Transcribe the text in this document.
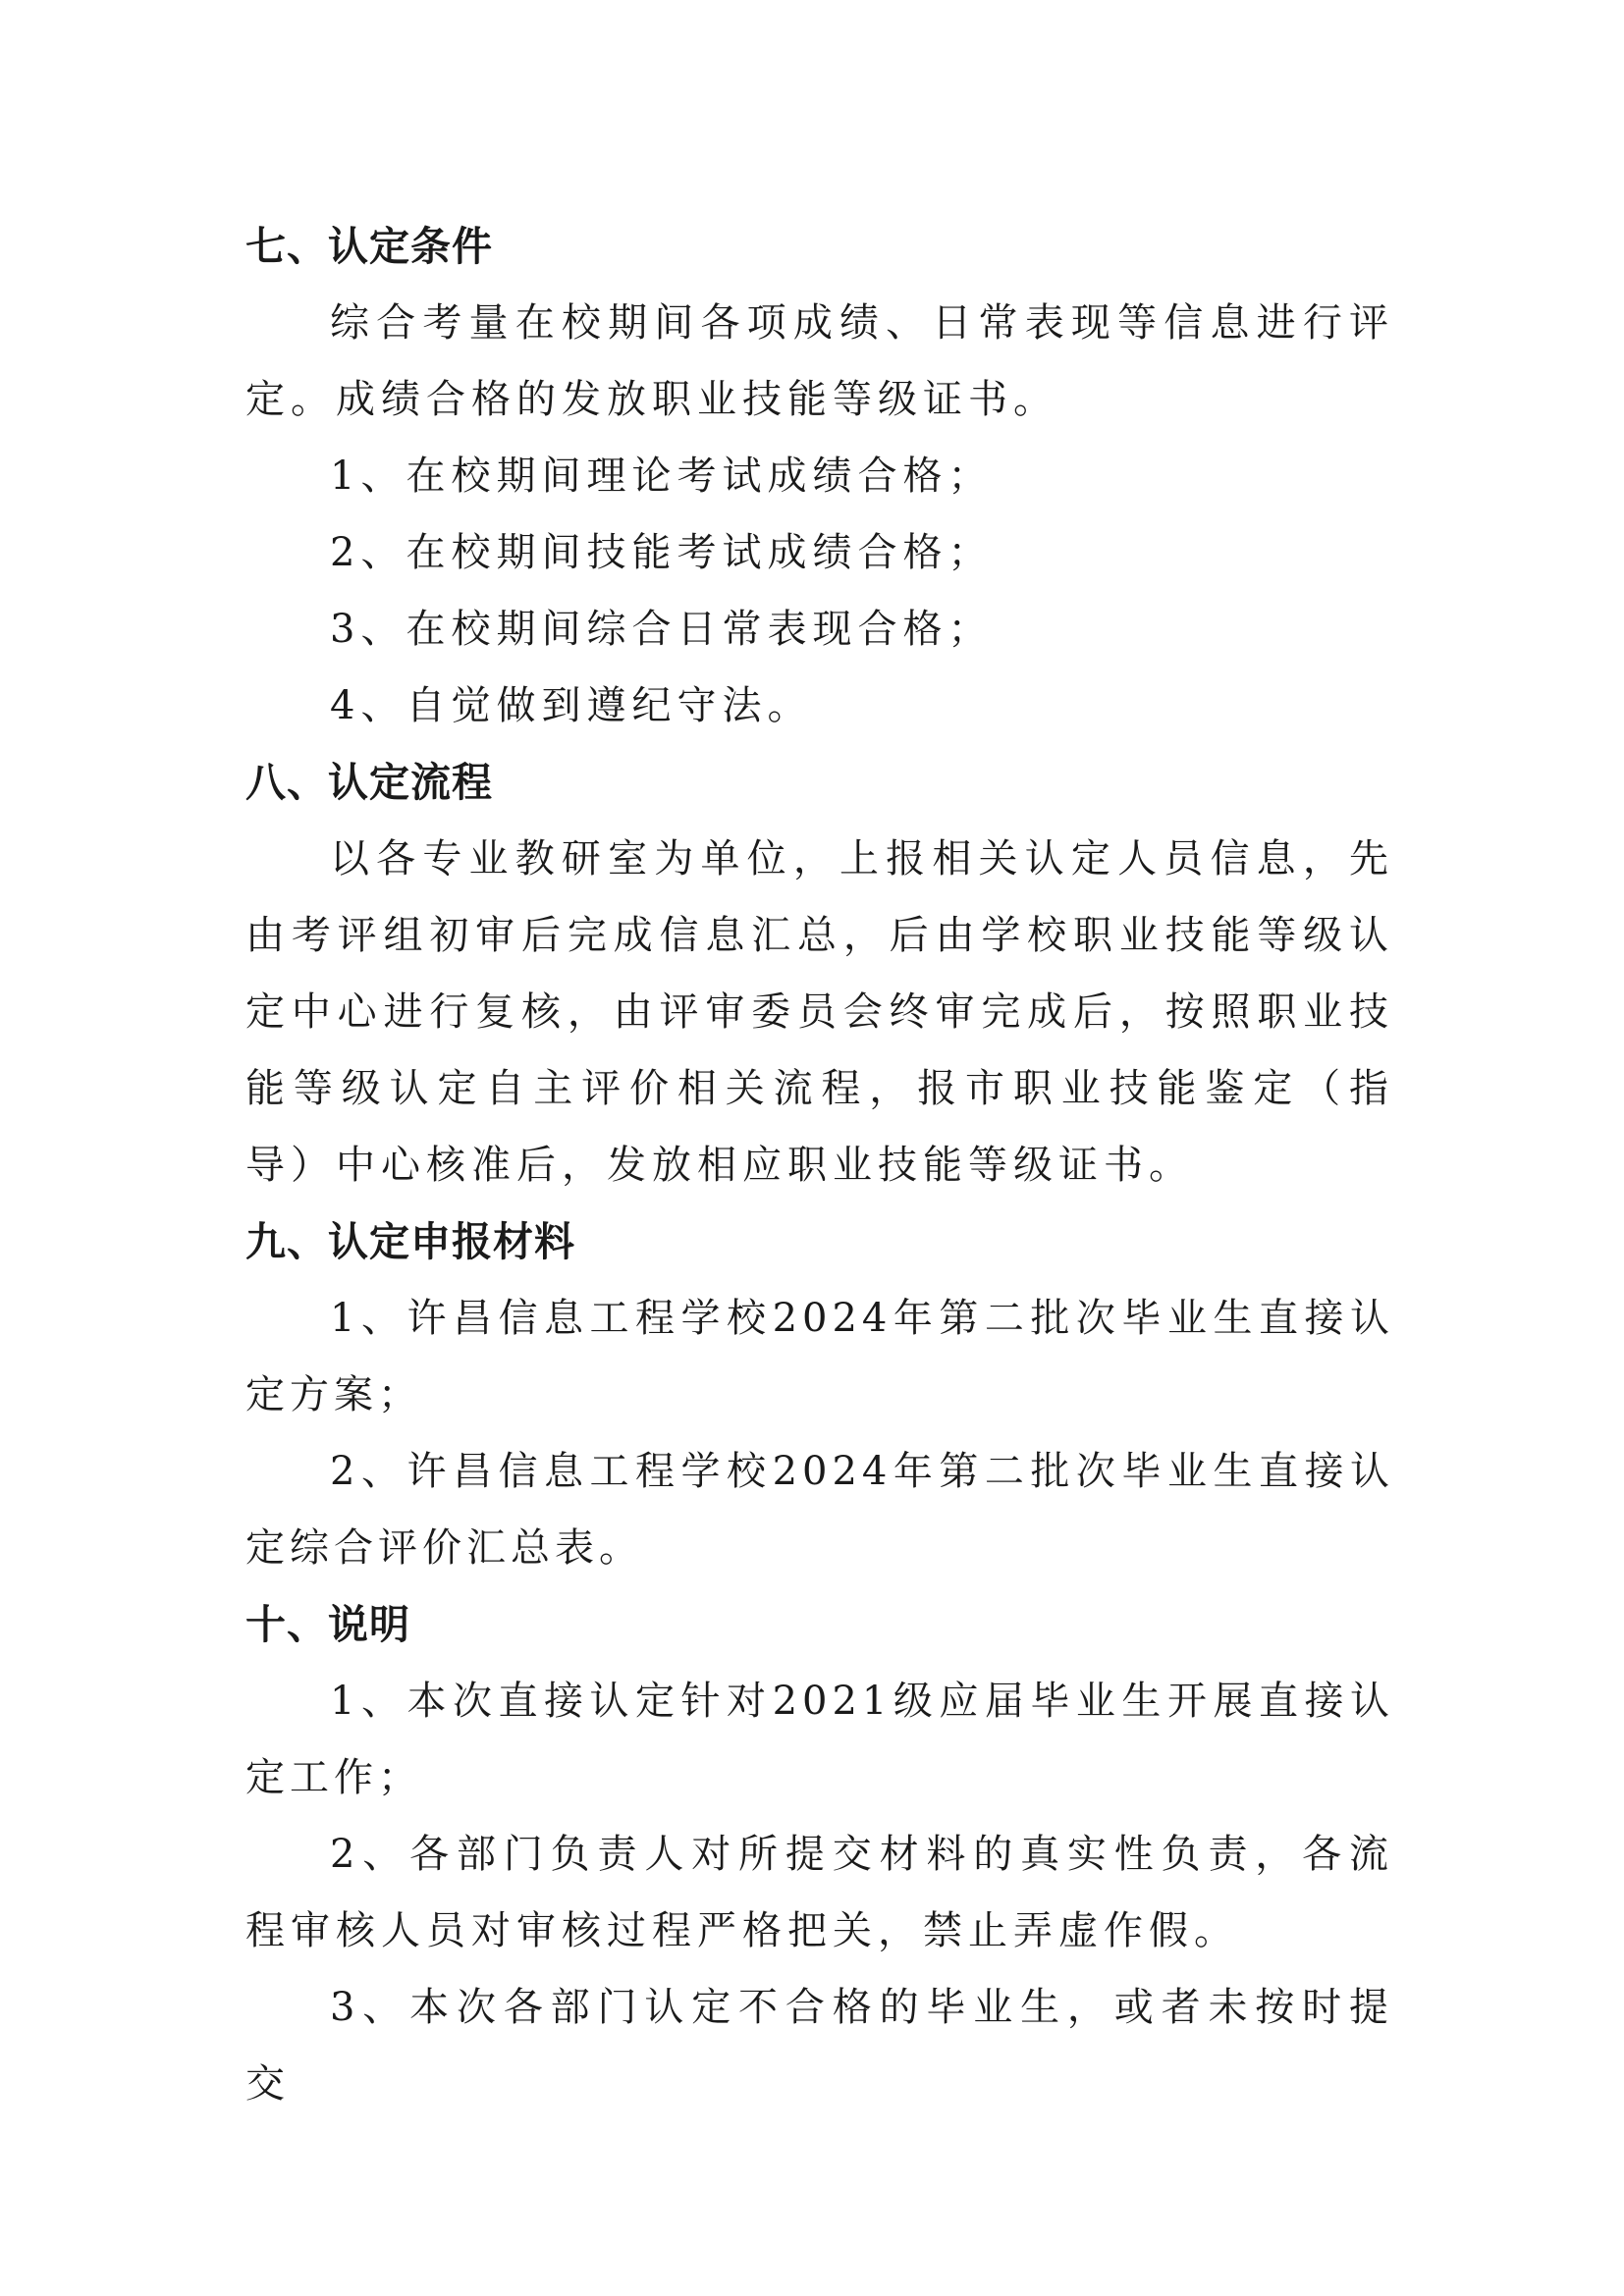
七、认定条件

综合考量在校期间各项成绩、日常表现等信息进行评定。成绩合格的发放职业技能等级证书。

1、在校期间理论考试成绩合格；

2、在校期间技能考试成绩合格；

3、在校期间综合日常表现合格；

4、自觉做到遵纪守法。

八、认定流程

以各专业教研室为单位，上报相关认定人员信息，先由考评组初审后完成信息汇总，后由学校职业技能等级认定中心进行复核，由评审委员会终审完成后，按照职业技能等级认定自主评价相关流程，报市职业技能鉴定（指导）中心核准后，发放相应职业技能等级证书。

九、认定申报材料

1、许昌信息工程学校2024年第二批次毕业生直接认定方案；

2、许昌信息工程学校2024年第二批次毕业生直接认定综合评价汇总表。

十、说明

1、本次直接认定针对2021级应届毕业生开展直接认定工作；

2、各部门负责人对所提交材料的真实性负责，各流程审核人员对审核过程严格把关，禁止弄虚作假。

3、本次各部门认定不合格的毕业生，或者未按时提交
